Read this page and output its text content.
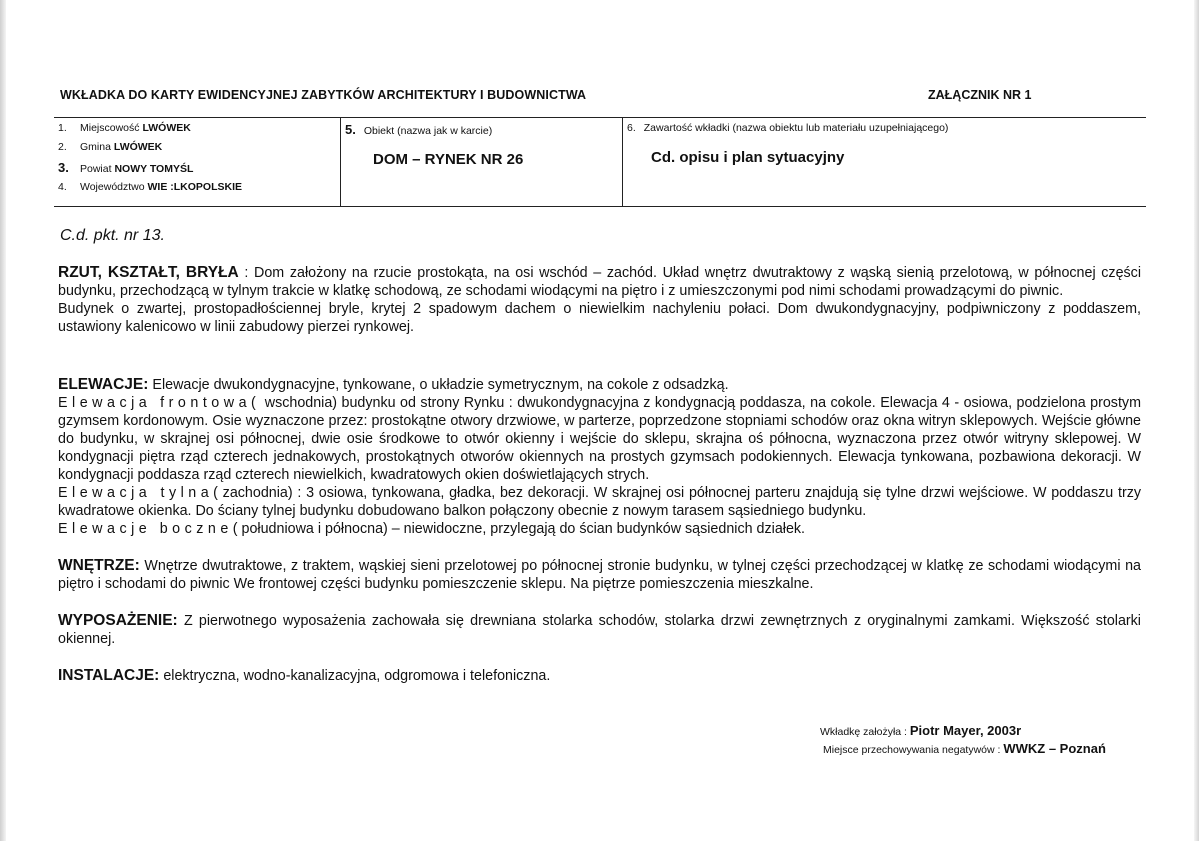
WKŁADKA DO KARTY EWIDENCYJNEJ ZABYTKÓW ARCHITEKTURY I BUDOWNICTWA	ZAŁĄCZNIK NR 1
1. Miejscowość LWÓWEK
2. Gmina LWÓWEK
3. Powiat NOWY TOMYŚL
4. Województwo WIE :LKOPOLSKIE
5. Obiekt (nazwa jak w karcie)
DOM – RYNEK NR 26
6. Zawartość wkładki (nazwa obiektu lub materiału uzupełniającego)
Cd. opisu i plan sytuacyjny
C.d. pkt. nr 13.
RZUT, KSZTAŁT, BRYŁA : Dom założony na rzucie prostokąta, na osi wschód – zachód. Układ wnętrz dwutraktowy z wąską sienią przelotową, w północnej części budynku, przechodzącą w tylnym trakcie w klatkę schodową, ze schodami wiodącymi na piętro i z umieszczonymi pod nimi schodami prowadzącymi do piwnic.
Budynek o zwartej, prostopadłościennej bryle, krytej 2 spadowym dachem o niewielkim nachyleniu połaci. Dom dwukondygnacyjny, podpiwniczony z poddaszem, ustawiony kalenicowo w linii zabudowy pierzei rynkowej.
ELEWACJE: Elewacje dwukondygnacyjne, tynkowane, o układzie symetrycznym, na cokole z odsadzką.
Elewacja frontowa( wschodnia) budynku od strony Rynku : dwukondygnacyjna z kondygnacją poddasza, na cokole. Elewacja 4 - osiowa, podzielona prostym gzymsem kordonowym. Osie wyznaczone przez: prostokątne otwory drzwiowe, w parterze, poprzedzone stopniami schodów oraz okna witryn sklepowych. Wejście główne do budynku, w skrajnej osi północnej, dwie osie środkowe to otwór okienny i wejście do sklepu, skrajna oś północna, wyznaczona przez otwór witryny sklepowej. W kondygnacji piętra rząd czterech jednakowych, prostokątnych otworów okiennych na prostych gzymsach podokiennych. Elewacja tynkowana, pozbawiona dekoracji. W kondygnacji poddasza rząd czterech niewielkich, kwadratowych okien doświetlających strych.
Elewacja tylna( zachodnia) : 3 osiowa, tynkowana, gładka, bez dekoracji. W skrajnej osi północnej parteru znajdują się tylne drzwi wejściowe. W poddaszu trzy kwadratowe okienka. Do ściany tylnej budynku dobudowano balkon połączony obecnie z nowym tarasem sąsiedniego budynku.
Elewacje boczne( południowa i północna) – niewidoczne, przylegają do ścian budynków sąsiednich działek.
WNĘTRZE: Wnętrze dwutraktowe, z traktem, wąskiej sieni przelotowej po północnej stronie budynku, w tylnej części przechodzącej w klatkę ze schodami wiodącymi na piętro i schodami do piwnic We frontowej części budynku pomieszczenie sklepu. Na piętrze pomieszczenia mieszkalne.
WYPOSAŻENIE: Z pierwotnego wyposażenia zachowała się drewniana stolarka schodów, stolarka drzwi zewnętrznych z oryginalnymi zamkami. Większość stolarki okiennej.
INSTALACJE: elektryczna, wodno-kanalizacyjna, odgromowa i telefoniczna.
Wkładkę założyła : Piotr Mayer, 2003r
Miejsce przechowywania negatywów : WWKZ – Poznań
